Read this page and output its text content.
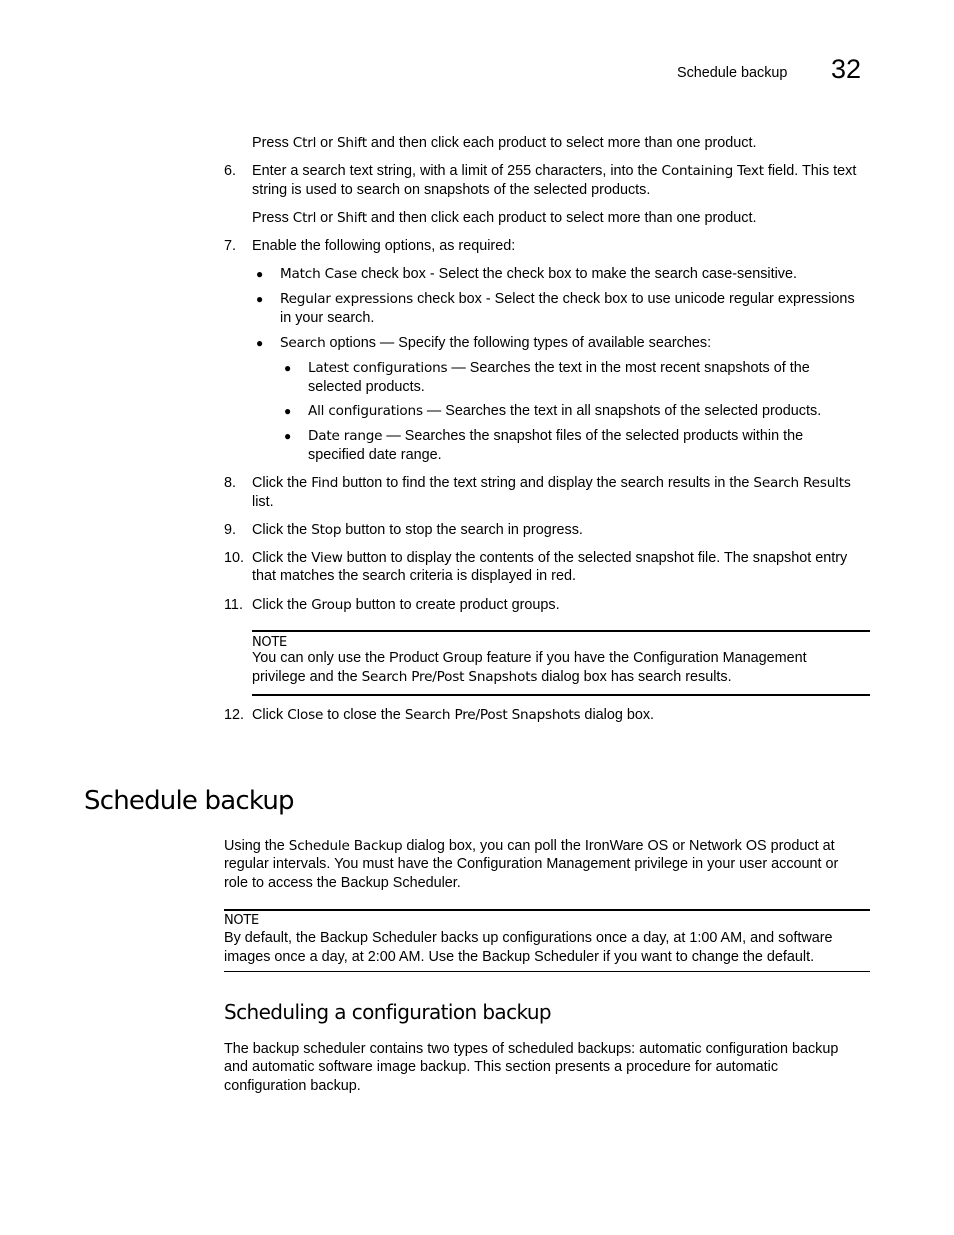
Schedule backup 32
Press Ctrl or Shift and then click each product to select more than one product.
6.	Enter a search text string, with a limit of 255 characters, into the Containing Text field. This text
string is used to search on snapshots of the selected products.
Press Ctrl or Shift and then click each product to select more than one product.
7.	Enable the following options, as required:
● Match Case check box - Select the check box to make the search case-sensitive.
● Regular expressions check box - Select the check box to use unicode regular expressions
in your search.
● Search options — Specify the following types of available searches:
● Latest configurations — Searches the text in the most recent snapshots of the
selected products.
● All configurations — Searches the text in all snapshots of the selected products.
● Date range — Searches the snapshot files of the selected products within the
specified date range.
8.	Click the Find button to find the text string and display the search results in the Search Results
list.
9.	Click the Stop button to stop the search in progress.
10. Click the View button to display the contents of the selected snapshot file. The snapshot entry
that matches the search criteria is displayed in red.
11. Click the Group button to create product groups.
NOTE
You can only use the Product Group feature if you have the Configuration Management
privilege and the Search Pre/Post Snapshots dialog box has search results.
12. Click Close to close the Search Pre/Post Snapshots dialog box.
Schedule backup
Using the Schedule Backup dialog box, you can poll the IronWare OS or Network OS product at
regular intervals. You must have the Configuration Management privilege in your user account or
role to access the Backup Scheduler.
NOTE
By default, the Backup Scheduler backs up configurations once a day, at 1:00 AM, and software
images once a day, at 2:00 AM. Use the Backup Scheduler if you want to change the default.
Scheduling a configuration backup
The backup scheduler contains two types of scheduled backups: automatic configuration backup
and automatic software image backup. This section presents a procedure for automatic
configuration backup.
